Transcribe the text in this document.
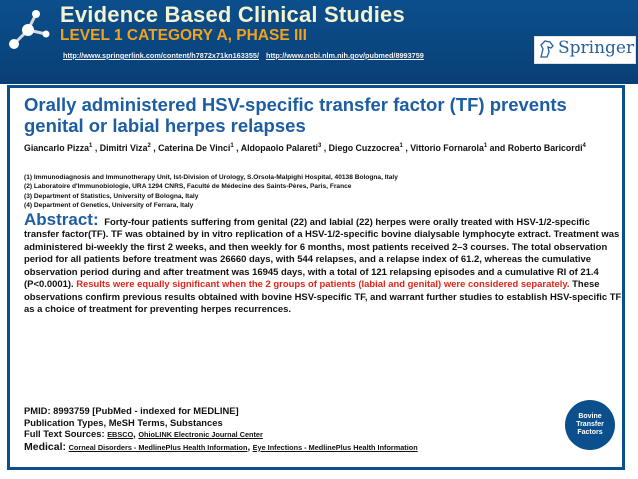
Evidence Based Clinical Studies
LEVEL 1 CATEGORY A, PHASE III
http://www.springerlink.com/content/h7872x71kn163355/ http://www.ncbi.nlm.nih.gov/pubmed/8993759	Springer
Orally administered HSV-specific transfer factor (TF) prevents genital or labial herpes relapses
Giancarlo Pizza$^1$ , Dimitri Viza$^2$ , Caterina De Vinci$^1$ , Aldopaolo Palareti$^3$ , Diego Cuzzocrea$^1$ , Vittorio Fornarola$^1$ and Roberto Baricordi$^4$
(1) Immunodiagnosis and Immunotherapy Unit, Ist-Division of Urology, S.Orsola-Malpighi Hospital, 40138 Bologna, Italy
(2) Laboratoire d'Immunobiologie, URA 1294 CNRS, Faculté de Médecine des Saints-Pères, Paris, France
(3) Department of Statistics, University of Bologna, Italy
(4) Department of Genetics, University of Ferrara, Italy
Abstract: Forty-four patients suffering from genital (22) and labial (22) herpes were orally treated with HSV-1/2-specific transfer factor(TF). TF was obtained by in vitro replication of a HSV-1/2-specific bovine dialysable lymphocyte extract. Treatment was administered bi-weekly the first 2 weeks, and then weekly for 6 months, most patients received 2–3 courses. The total observation period for all patients before treatment was 26660 days, with 544 relapses, and a relapse index of 61.2, whereas the cumulative observation period during and after treatment was 16945 days, with a total of 121 relapsing episodes and a cumulative RI of 21.4 (P<0.0001). Results were equally significant when the 2 groups of patients (labial and genital) were considered separately. These observations confirm previous results obtained with bovine HSV-specific TF, and warrant further studies to establish HSV-specific TF as a choice of treatment for preventing herpes recurrences.
PMID: 8993759 [PubMed - indexed for MEDLINE]
Publication Types, MeSH Terms, Substances
Full Text Sources: EBSCO, OhioLINK Electronic Journal Center
Medical: Corneal Disorders - MedlinePlus Health Information, Eye Infections - MedlinePlus Health Information
Bovine
Transfer
Factors
